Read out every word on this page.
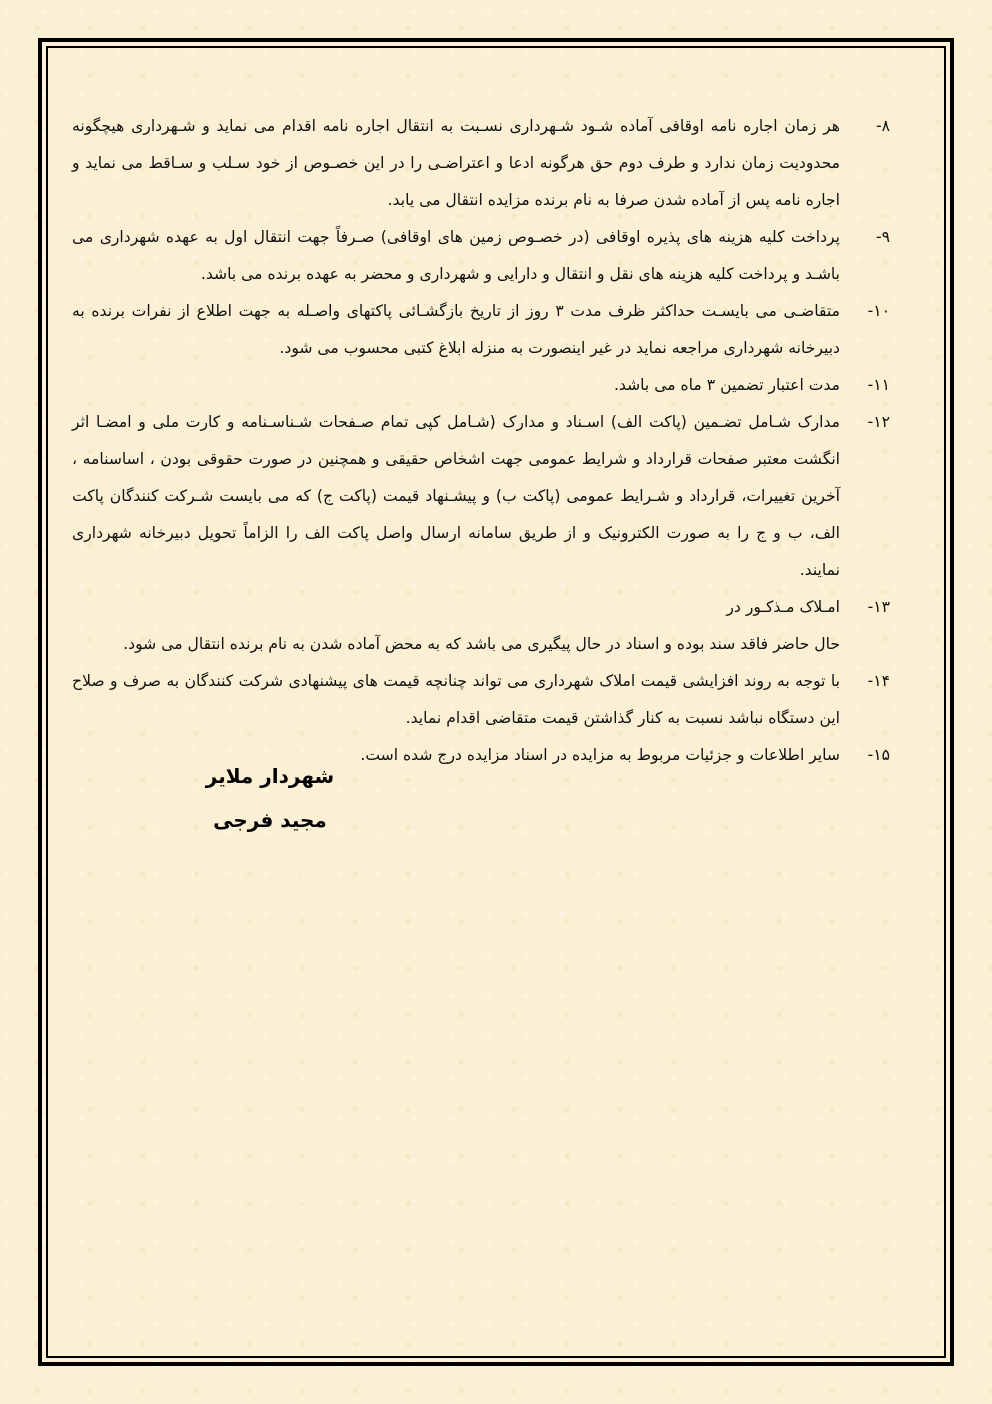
۸-

هر زمان اجاره نامه اوقافی آماده شـود شـهرداری نسـبت به انتقال اجاره نامه اقدام می نماید و شـهرداری هیچگونه محدودیت زمان ندارد و طرف دوم حق هرگونه ادعا و اعتراضـی را در این خصـوص از خود سـلب و سـاقط می نماید و اجاره نامه پس از آماده شدن صرفا به نام برنده مزایده انتقال می یابد.

۹-

پرداخت کلیه هزینه های پذیره اوقافی (در خصـوص زمین های اوقافی) صـرفاً جهت انتقال اول به عهده شهرداری می باشـد و پرداخت کلیه هزینه های نقل و انتقال و دارایی و شهرداری و محضر به عهده برنده می باشد.

۱۰-

متقاضـی می بایسـت حداکثر ظرف مدت ۳ روز از تاریخ بازگشـائی پاکتهای واصـله به جهت اطلاع از نفرات برنده به دبیرخانه شهرداری مراجعه نماید در غیر اینصورت به منزله ابلاغ کتبی محسوب می شود.

۱۱-

مدت اعتبار تضمین ۳ ماه می باشد.

۱۲-

مدارک شـامل تضـمین (پاکت الف) اسـناد و مدارک (شـامل کپی تمام صـفحات شـناسـنامه و کارت ملی و امضـا اثر انگشت معتبر صفحات قرارداد و شرایط عمومی جهت اشخاص حقیقی و همچنین در صورت حقوقی بودن ، اساسنامه ، آخرین تغییرات، قرارداد و شـرایط عمومی (پاکت ب) و پیشـنهاد قیمت (پاکت ج) که می بایست شـرکت کنندگان پاکت الف، ب و ج را به صورت الکترونیک و از طریق سامانه ارسال واصل پاکت الف را الزاماً تحویل دبیرخانه شهرداری نمایند.

۱۳-

امـلاک مـذکـور در

حال حاضر فاقد سند بوده و اسناد در حال پیگیری می باشد که به محض آماده شدن به نام برنده انتقال می شود.

۱۴-

با توجه به روند افزایشی قیمت املاک شهرداری می تواند چنانچه قیمت های پیشنهادی شرکت کنندگان به صرف و صلاح این دستگاه نباشد نسبت به کنار گذاشتن قیمت متقاضی اقدام نماید.

۱۵-

سایر اطلاعات و جزئیات مربوط به مزایده در اسناد مزایده درج شده است.

شهردار ملایر
مجید فرجی
